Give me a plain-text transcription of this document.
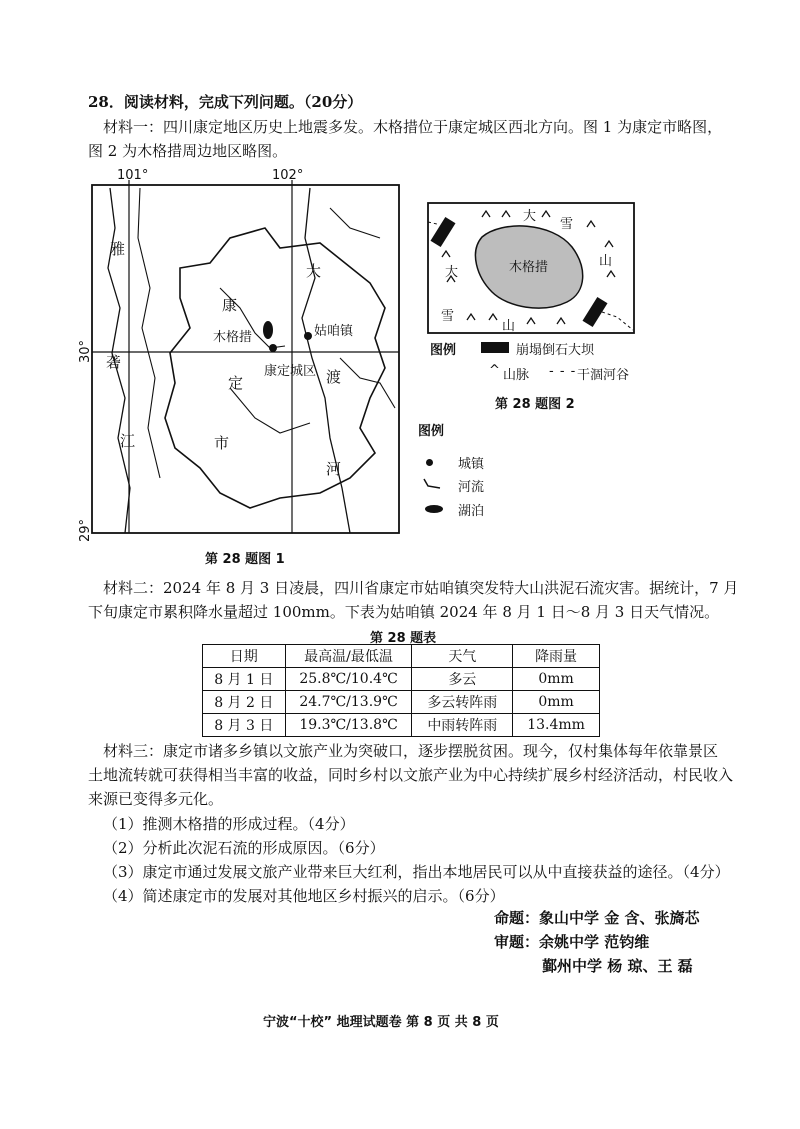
28．阅读材料，完成下列问题。（20分）
材料一：四川康定地区历史上地震多发。木格措位于康定城区西北方向。图 1 为康定市略图，
图 2 为木格措周边地区略图。
101°	102°
30°
29°
雅
砻
江
大
康
定
市
渡
河
木格措	姑咱镇
康定城区
第 28 题图 1
木格措
大
雪
大
山
雪
山
图例	崩塌倒石大坝
^ 山脉 - - - 干涸河谷
第 28 题图 2
图例
城镇
河流
湖泊
材料二：2024 年 8 月 3 日凌晨，四川省康定市姑咱镇突发特大山洪泥石流灾害。据统计，7 月
下旬康定市累积降水量超过 100mm。下表为姑咱镇 2024 年 8 月 1 日～8 月 3 日天气情况。
第 28 题表
日期	最高温/最低温	天气	降雨量
8 月 1 日	25.8℃/10.4℃	多云	0mm
8 月 2 日	24.7℃/13.9℃	多云转阵雨	0mm
8 月 3 日	19.3℃/13.8℃	中雨转阵雨	13.4mm
材料三：康定市诸多乡镇以文旅产业为突破口，逐步摆脱贫困。现今，仅村集体每年依靠景区
土地流转就可获得相当丰富的收益，同时乡村以文旅产业为中心持续扩展乡村经济活动，村民收入
来源已变得多元化。
（1）推测木格措的形成过程。（4分）
（2）分析此次泥石流的形成原因。（6分）
（3）康定市通过发展文旅产业带来巨大红利，指出本地居民可以从中直接获益的途径。（4分）
（4）简述康定市的发展对其他地区乡村振兴的启示。（6分）
命题：象山中学 金 含、张旖芯
审题：余姚中学 范钧维
鄞州中学 杨 琼、王 磊
宁波“十校” 地理试题卷 第 8 页 共 8 页
